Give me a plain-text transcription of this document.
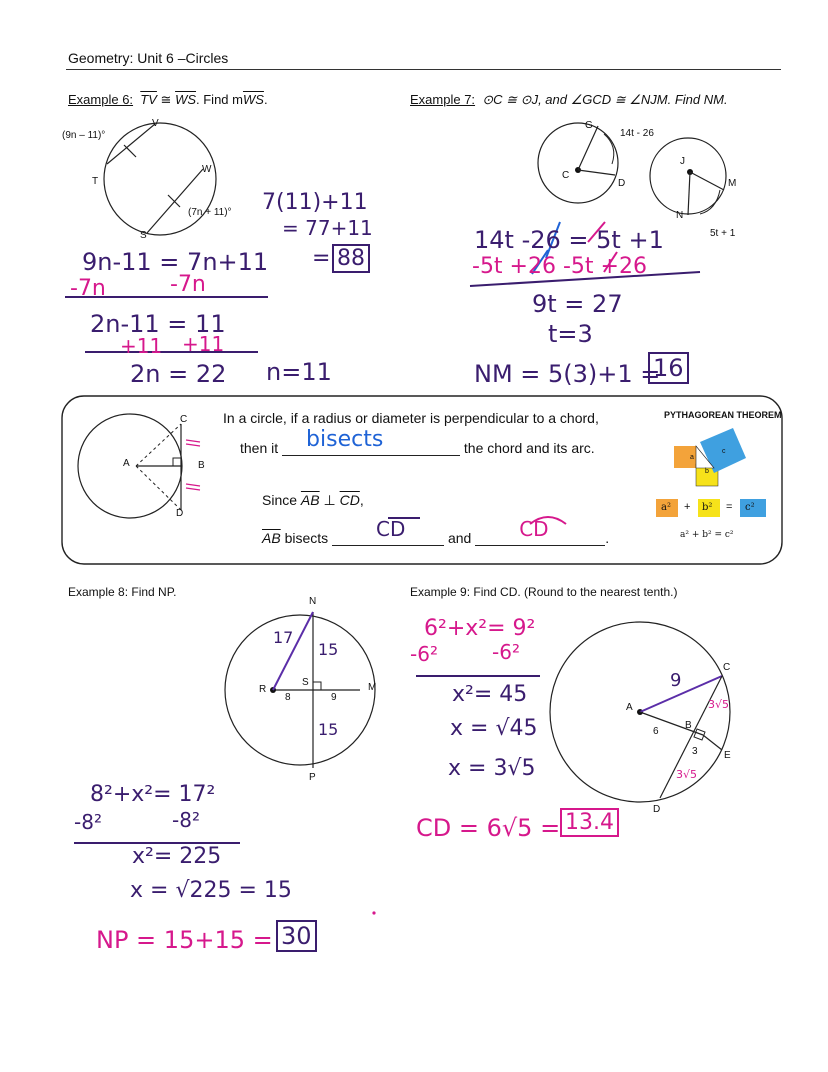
Geometry: Unit 6 –Circles
Example 6: $\overline{TV}$ ≅ $\overline{WS}$. Find $m\overline{WS}$.
(9n – 11)°
V
W
T
S
(7n + 11)°
9n-11 = 7n+11
-7n	-7n
2n-11 = 11
+11 +11
2n = 22 n=11
7(11)+11
= 77+11
= 88
Example 7: ⊙C ≅ ⊙J, and ∠GCD ≅ ∠NJM. Find NM.
G
14t - 26
C
D
J
M
N
5t + 1
14t -26 = 5t +1
-5t +26 -5t +26
9t = 27
t=3
NM = 5(3)+1 =
16
C
A	B
D
In a circle, if a radius or diameter is perpendicular to a chord,
then it bisects	the chord and its arc.
Since $\overline{AB}$ ⊥ $\overline{CD}$,
$\overline{AB}$ bisects CD	and CD	.
PYTHAGOREAN THEOREM
a
b
c
a² + b² = c²
a² + b² = c²
Example 8: Find NP.
N
R
S	M
8	9
P
17
15
15
8²+x²= 17²
-8²	-8²
x²= 225
x = √225 = 15
NP = 15+15 = 30
Example 9: Find CD. (Round to the nearest tenth.)
A
C
B
E
D
6
3
9
3√5
3√5
6²+x²= 9²
-6²	-6²
x²= 45
x = √45
x = 3√5
CD = 6√5 = 13.4
